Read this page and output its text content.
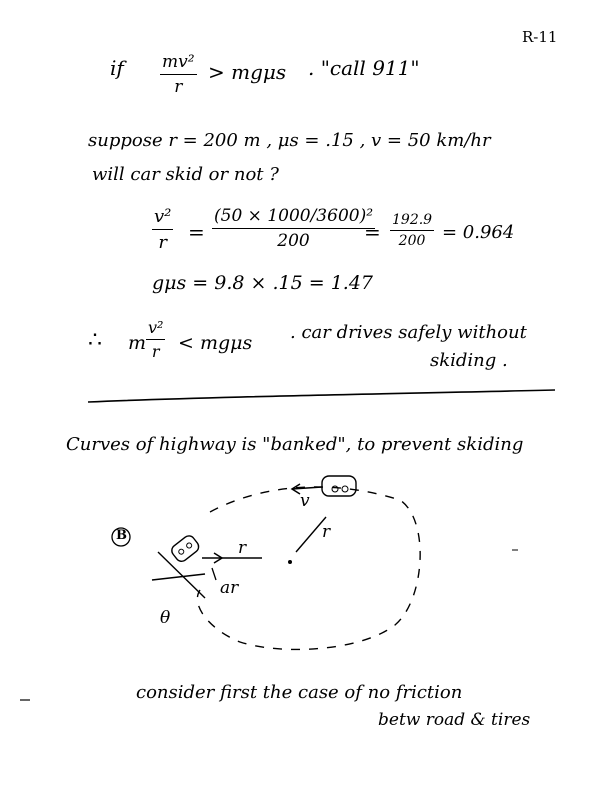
R-11
if $\frac{\text{mv²}}{r} > mg\mu s$ . "call 911"
suppose r = 200 m , μs = .15 , v = 50 km/hr
will car skid or not ?
$\frac{\text{v²}}{r} = \frac{\text{(50 × 1000/3600)²}}{200}$
= $\frac{192.9}{200} = 0.964$
gμs = 9.8 × .15 = 1.47
∴ m $\frac{\text{v²}}{r} < mg\mu s$ . car drives safely without
skiding .
Curves of highway is "banked", to prevent skiding
B
v
r
r
ar
θ
consider first the case of no friction
betw road & tires
